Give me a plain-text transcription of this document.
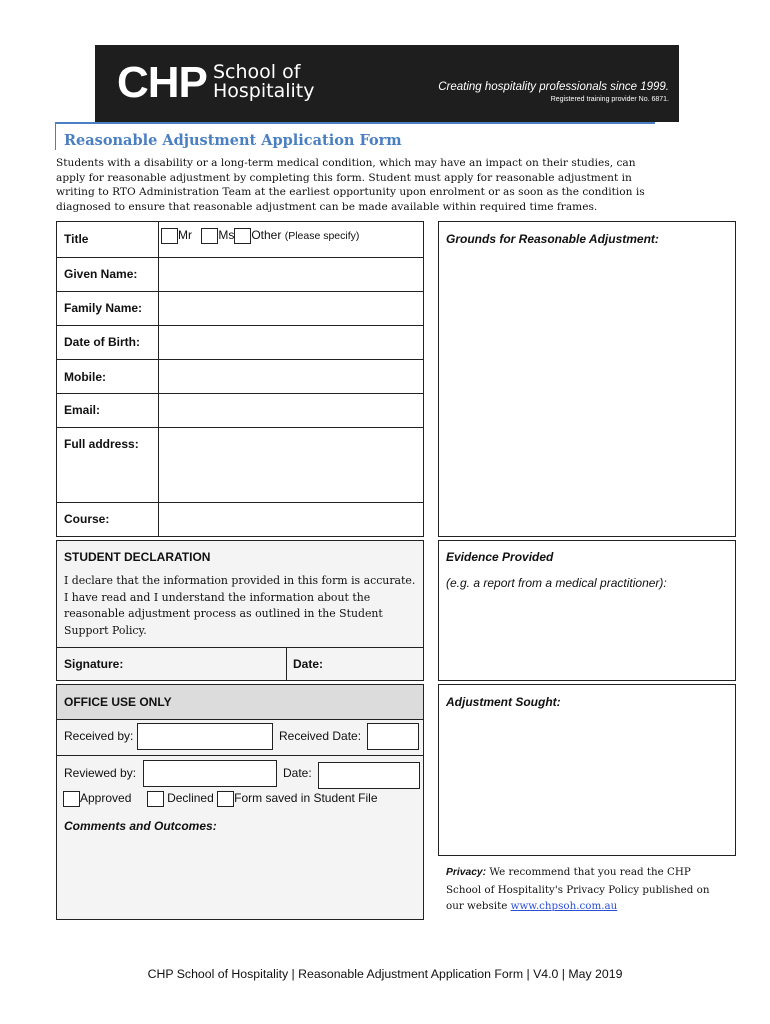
CHP School of
Hospitality	Creating hospitality professionals since 1999.
Registered training provider No. 6871.
Reasonable Adjustment Application Form
Students with a disability or a long-term medical condition, which may have an impact on their studies, can apply for reasonable adjustment by completing this form. Student must apply for reasonable adjustment in writing to RTO Administration Team at the earliest opportunity upon enrolment or as soon as the condition is diagnosed to ensure that reasonable adjustment can be made available within required time frames.
Title	Mr Ms Other (Please specify)
Given Name:
Family Name:
Date of Birth:
Mobile:
Email:
Full address:
Course:
Grounds for Reasonable Adjustment:
STUDENT DECLARATION
I declare that the information provided in this form is accurate. I have read and I understand the information about the reasonable adjustment process as outlined in the Student Support Policy.
Signature:	Date:
Evidence Provided
(e.g. a report from a medical practitioner):
OFFICE USE ONLY
Received by:	Received Date:
Reviewed by:	Date:
Approved	Declined Form saved in Student File
Comments and Outcomes:
Adjustment Sought:
Privacy: We recommend that you read the CHP School of Hospitality's Privacy Policy published on our website www.chpsoh.com.au
CHP School of Hospitality | Reasonable Adjustment Application Form | V4.0 | May 2019
